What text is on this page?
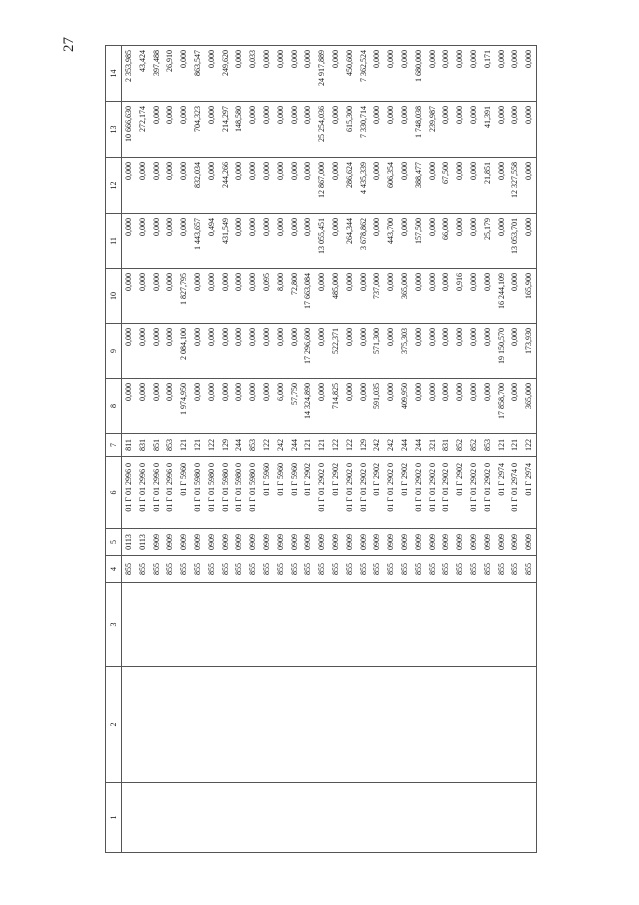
27
1	2	3	4	5	6	7	8	9	10	11	12	13	14
			855	0113	01 Г 01 2996 0	811	0,000	0,000	0,000	0,000	0,000	10 666,630	2 353,985
			855	0113	01 Г 01 2996 0	831	0,000	0,000	0,000	0,000	0,000	272,174	43,424
			855	0909	01 Г 01 2996 0	851	0,000	0,000	0,000	0,000	0,000	0,000	397,488
			855	0909	01 Г 01 2996 0	853	0,000	0,000	0,000	0,000	0,000	0,000	26,910
			855	0909	01 Г 5960	121	1 974,950	2 084,100	1 827,795	0,000	0,000	0,000	0,000
			855	0909	01 Г 01 5980 0	121	0,000	0,000	0,000	1 443,657	832,034	704,323	863,547
			855	0909	01 Г 01 5980 0	122	0,000	0,000	0,000	0,494	0,000	0,000	0,000
			855	0909	01 Г 01 5980 0	129	0,000	0,000	0,000	431,549	244,266	214,297	249,620
			855	0909	01 Г 01 5980 0	244	0,000	0,000	0,000	0,000	0,000	148,580	0,000
			855	0909	01 Г 01 5980 0	853	0,000	0,000	0,000	0,000	0,000	0,000	0,033
			855	0909	01 Г 5960	122	0,000	0,000	0,095	0,000	0,000	0,000	0,000
			855	0909	01 Г 5960	242	6,000	0,000	8,000	0,000	0,000	0,000	0,000
			855	0909	01 Г 5960	244	57,750	0,000	72,800	0,000	0,000	0,000	0,000
			855	0909	01 Г 2902	121	14 324,890	17 296,600	17 663,084	0,000	0,000	0,000	0,000
			855	0909	01 Г 01 2902 0	121	0,000	0,000	0,000	13 055,451	12 867,000	25 254,036	24 917,889
			855	0909	01 Г 2902	122	714,825	522,371	485,000	0,000	0,000	0,000	0,000
			855	0909	01 Г 01 2902 0	122	0,000	0,000	0,000	264,344	286,624	615,300	450,600
			855	0909	01 Г 01 2902 0	129	0,000	0,000	0,000	3 678,862	4 435,339	7 330,714	7 362,524
			855	0909	01 Г 2902	242	591,035	571,300	737,000	0,000	0,000	0,000	0,000
			855	0909	01 Г 01 2902 0	242	0,000	0,000	0,000	443,700	606,354	0,000	0,000
			855	0909	01 Г 2902	244	409,950	375,303	365,000	0,000	0,000	0,000	0,000
			855	0909	01 Г 01 2902 0	244	0,000	0,000	0,000	157,500	388,477	1 748,038	1 680,000
			855	0909	01 Г 01 2902 0	321	0,000	0,000	0,000	0,000	0,000	239,987	0,000
			855	0909	01 Г 01 2902 0	831	0,000	0,000	0,000	66,000	67,500	0,000	0,000
			855	0909	01 Г 2902	852	0,000	0,000	0,916	0,000	0,000	0,000	0,000
			855	0909	01 Г 01 2902 0	852	0,000	0,000	0,000	0,000	0,000	0,000	0,000
			855	0909	01 Г 01 2902 0	853	0,000	0,000	0,000	25,179	21,851	41,391	0,171
			855	0909	01 Г 2974	121	17 858,700	19 150,570	16 244,109	0,000	0,000	0,000	0,000
			855	0909	01 Г 01 2974 0	121	0,000	0,000	0,000	13 053,701	12 327,558	0,000	0,000
			855	0909	01 Г 2974	122	365,000	173,930	165,900	0,000	0,000	0,000	0,000
